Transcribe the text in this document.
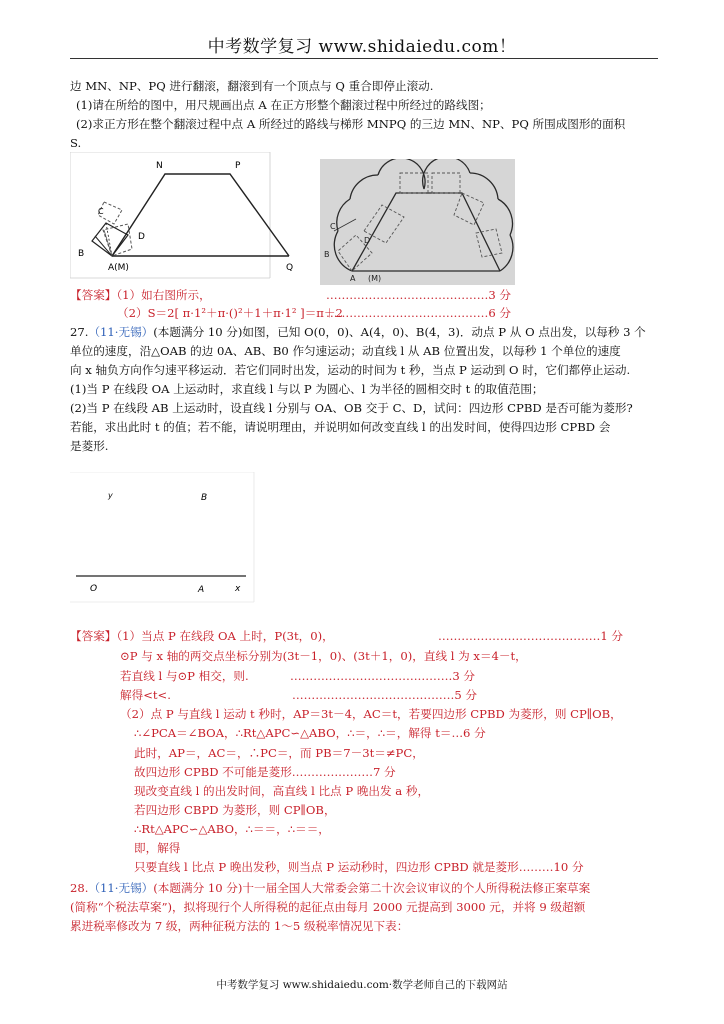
中考数学复习 www.shidaiedu.com！
边 MN、NP、PQ 进行翻滚，翻滚到有一个顶点与 Q 重合即停止滚动.
(1)请在所给的图中，用尺规画出点 A 在正方形整个翻滚过程中所经过的路线图；
(2)求正方形在整个翻滚过程中点 A 所经过的路线与梯形 MNPQ 的三边 MN、NP、PQ 所围成图形的面积
S.
N	P
C
D
B
A(M)	Q
C
D
B
A (M)
【答案】（1）如右图所示，	……………………………………3 分
（2）S＝2[ π·1²＋π·()²＋1＋π·1² ]＝π＋2
……………………………………6 分
27.（11·无锡）(本题满分 10 分)如图，已知 O(0，0)、A(4，0)、B(4，3)．动点 P 从 O 点出发，以每秒 3 个
单位的速度，沿△OAB 的边 0A、AB、B0 作匀速运动；动直线 l 从 AB 位置出发，以每秒 1 个单位的速度
向 x 轴负方向作匀速平移运动．若它们同时出发，运动的时间为 t 秒，当点 P 运动到 O 时，它们都停止运动.
(1)当 P 在线段 OA 上运动时，求直线 l 与以 P 为圆心、l 为半径的圆相交时 t 的取值范围；
(2)当 P 在线段 AB 上运动时，设直线 l 分别与 OA、OB 交于 C、D，试问：四边形 CPBD 是否可能为菱形?
若能，求出此时 t 的值；若不能，请说明理由，并说明如何改变直线 l 的出发时间，使得四边形 CPBD 会
是菱形.
y	B
O	A	x
【答案】（1）当点 P 在线段 OA 上时，P(3t，0)，	……………………………………1 分
⊙P 与 x 轴的两交点坐标分别为(3t－1，0)、(3t＋1，0)，直线 l 为 x＝4－t，
若直线 l 与⊙P 相交，则.	……………………………………3 分
解得<t<.	……………………………………5 分
（2）点 P 与直线 l 运动 t 秒时，AP＝3t－4，AC＝t，若要四边形 CPBD 为菱形，则 CP∥OB，
∴∠PCA＝∠BOA，∴Rt△APC∽△ABO，∴＝，∴＝，解得 t＝…6 分
此时，AP＝，AC＝，∴PC＝，而 PB＝7－3t＝≠PC，
故四边形 CPBD 不可能是菱形…………………7 分
现改变直线 l 的出发时间，高直线 l 比点 P 晚出发 a 秒，
若四边形 CBPD 为菱形，则 CP∥OB，
∴Rt△APC∽△ABO，∴＝＝，∴＝＝，
即，解得
只要直线 l 比点 P 晚出发秒，则当点 P 运动秒时，四边形 CPBD 就是菱形………10 分
28.（11·无锡）(本题满分 10 分)十一届全国人大常委会第二十次会议审议的个人所得税法修正案草案
(简称“个税法草案”)，拟将现行个人所得税的起征点由每月 2000 元提高到 3000 元，并将 9 级超额
累进税率修改为 7 级，两种征税方法的 1～5 级税率情况见下表：
中考数学复习 www.shidaiedu.com·数学老师自己的下载网站
